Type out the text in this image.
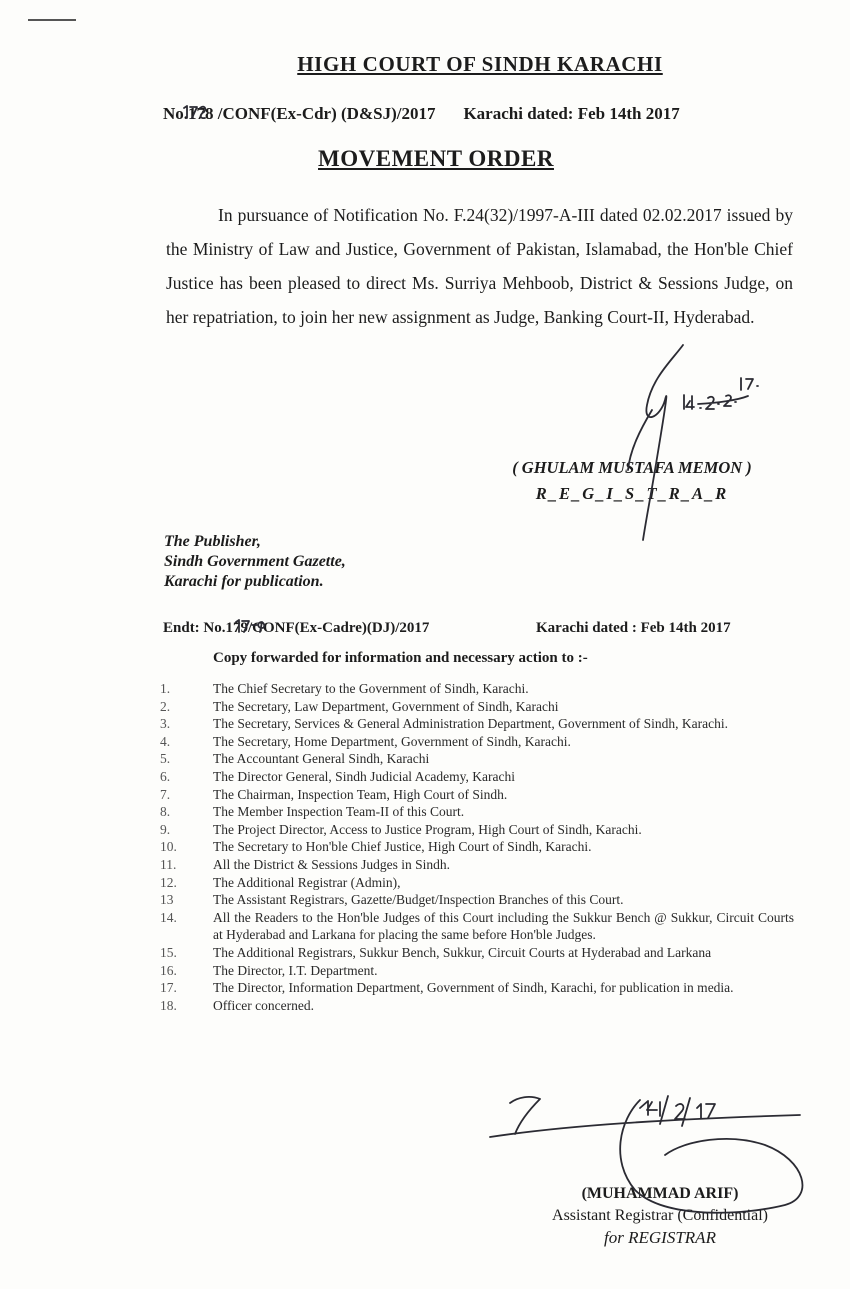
HIGH COURT OF SINDH KARACHI
No.178 /CONF(Ex-Cdr) (D&SJ)/2017 Karachi dated: Feb 14th 2017
MOVEMENT ORDER

In pursuance of Notification No. F.24(32)/1997-A-III dated 02.02.2017 issued by the Ministry of Law and Justice, Government of Pakistan, Islamabad, the Hon'ble Chief Justice has been pleased to direct Ms. Surriya Mehboob, District & Sessions Judge, on her repatriation, to join her new assignment as Judge, Banking Court-II, Hyderabad.

( GHULAM MUSTAFA MEMON )
R_E_G_I_S_T_R_A_R
The Publisher,
Sindh Government Gazette,
Karachi for publication.
Endt: No.179/CONF(Ex-Cadre)(DJ)/2017	Karachi dated : Feb 14th 2017
Copy forwarded for information and necessary action to :-
1.	The Chief Secretary to the Government of Sindh, Karachi.
2.	The Secretary, Law Department, Government of Sindh, Karachi
3.	The Secretary, Services & General Administration Department, Government of Sindh, Karachi.
4.	The Secretary, Home Department, Government of Sindh, Karachi.
5.	The Accountant General Sindh, Karachi
6.	The Director General, Sindh Judicial Academy, Karachi
7.	The Chairman, Inspection Team, High Court of Sindh.
8.	The Member Inspection Team-II of this Court.
9.	The Project Director, Access to Justice Program, High Court of Sindh, Karachi.
10.	The Secretary to Hon'ble Chief Justice, High Court of Sindh, Karachi.
11.	All the District & Sessions Judges in Sindh.
12.	The Additional Registrar (Admin),
13	The Assistant Registrars, Gazette/Budget/Inspection Branches of this Court.
14.	All the Readers to the Hon'ble Judges of this Court including the Sukkur Bench @ Sukkur, Circuit Courts at Hyderabad and Larkana for placing the same before Hon'ble Judges.
15.	The Additional Registrars, Sukkur Bench, Sukkur, Circuit Courts at Hyderabad and Larkana
16.	The Director, I.T. Department.
17.	The Director, Information Department, Government of Sindh, Karachi, for publication in media.
18.	Officer concerned.
(MUHAMMAD ARIF)
Assistant Registrar (Confidential)
for REGISTRAR
